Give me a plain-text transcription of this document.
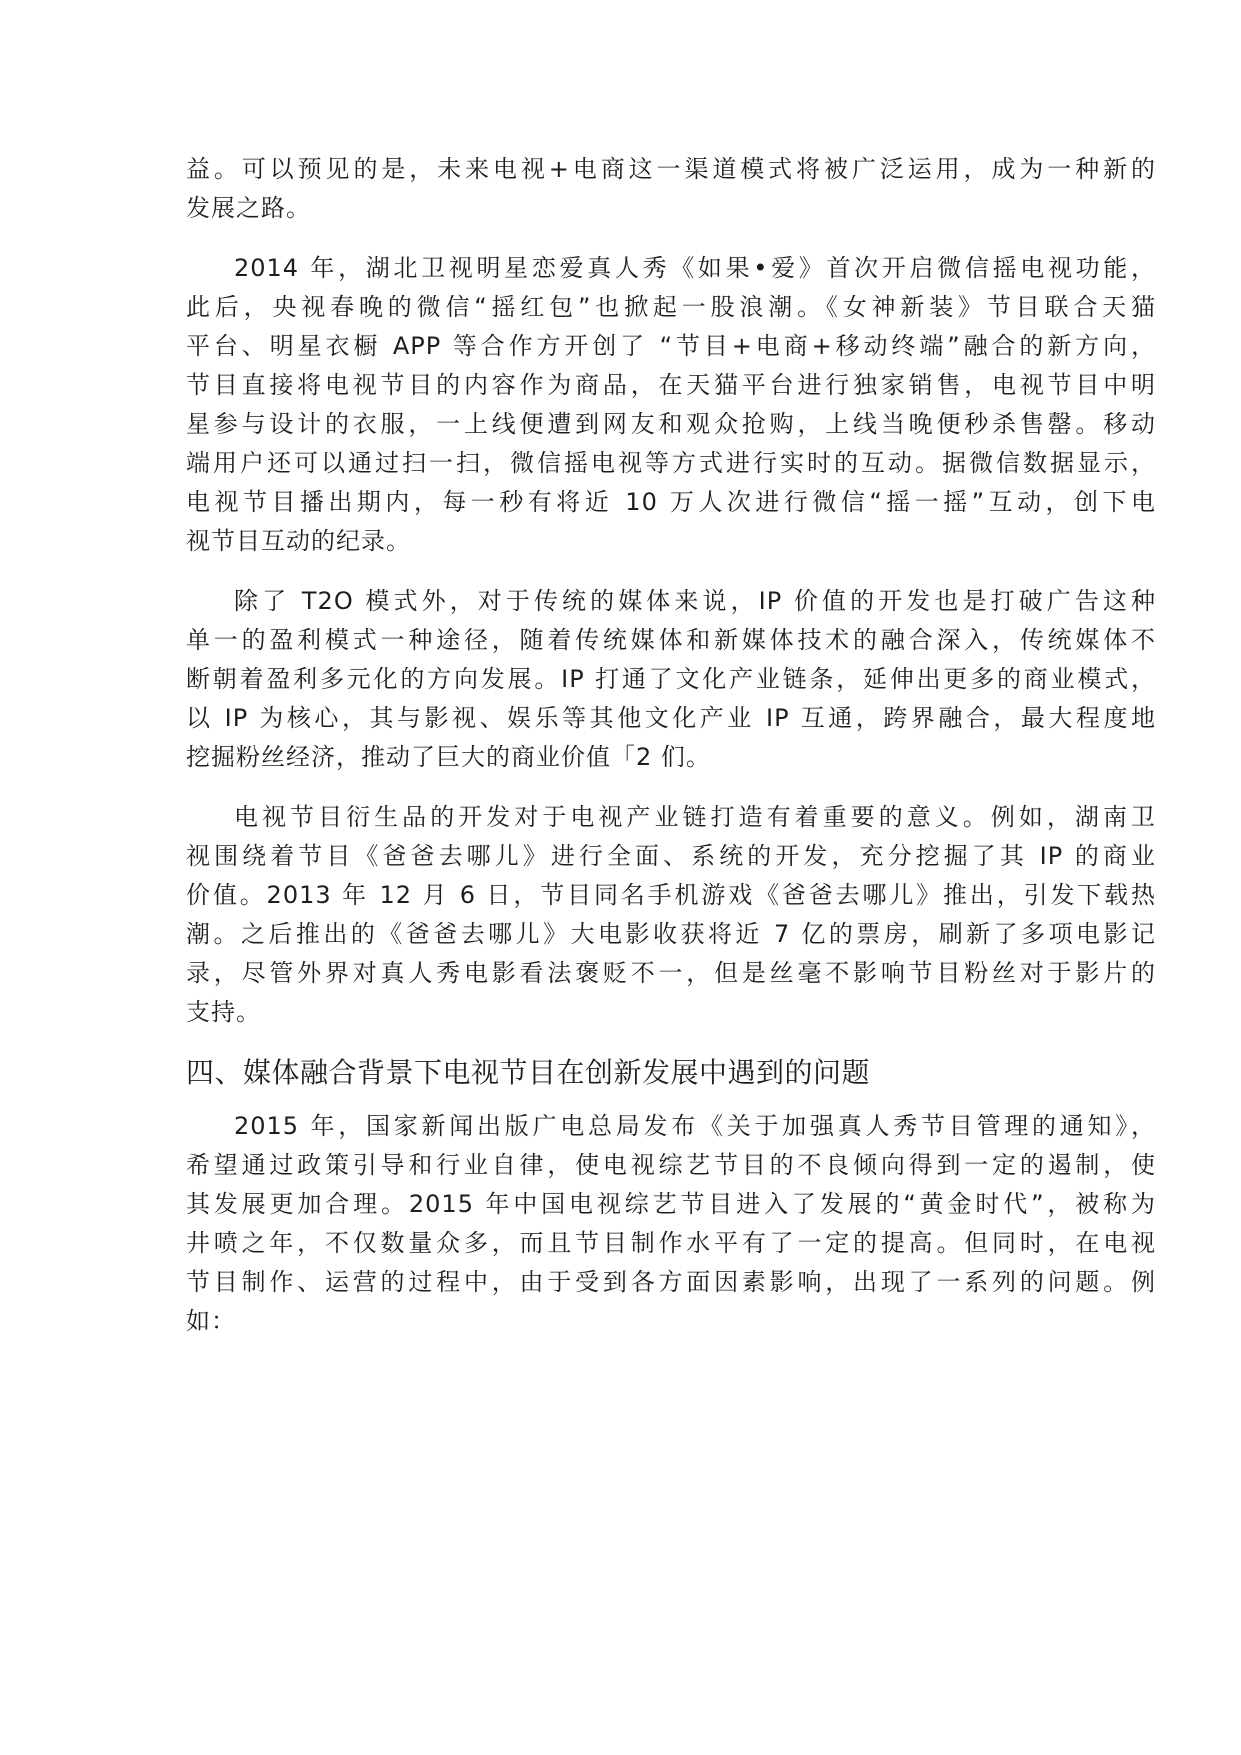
益。可以预见的是，未来电视+电商这一渠道模式将被广泛运用，成为一种新的
发展之路。
2014 年，湖北卫视明星恋爱真人秀《如果•爱》首次开启微信摇电视功能，
此后，央视春晚的微信“摇红包”也掀起一股浪潮。《女神新装》节目联合天猫
平台、明星衣橱 APP 等合作方开创了 “节目+电商+移动终端”融合的新方向，
节目直接将电视节目的内容作为商品，在天猫平台进行独家销售，电视节目中明
星参与设计的衣服，一上线便遭到网友和观众抢购，上线当晚便秒杀售罄。移动
端用户还可以通过扫一扫，微信摇电视等方式进行实时的互动。据微信数据显示，
电视节目播出期内，每一秒有将近 10 万人次进行微信“摇一摇”互动，创下电
视节目互动的纪录。
除了 T2O 模式外，对于传统的媒体来说，IP 价值的开发也是打破广告这种
单一的盈利模式一种途径，随着传统媒体和新媒体技术的融合深入，传统媒体不
断朝着盈利多元化的方向发展。IP 打通了文化产业链条，延伸出更多的商业模式，
以 IP 为核心，其与影视、娱乐等其他文化产业 IP 互通，跨界融合，最大程度地
挖掘粉丝经济，推动了巨大的商业价值「2 们。
电视节目衍生品的开发对于电视产业链打造有着重要的意义。例如，湖南卫
视围绕着节目《爸爸去哪儿》进行全面、系统的开发，充分挖掘了其 IP 的商业
价值。2013 年 12 月 6 日，节目同名手机游戏《爸爸去哪儿》推出，引发下载热
潮。之后推出的《爸爸去哪儿》大电影收获将近 7 亿的票房，刷新了多项电影记
录，尽管外界对真人秀电影看法褒贬不一，但是丝毫不影响节目粉丝对于影片的
支持。
四、媒体融合背景下电视节目在创新发展中遇到的问题
2015 年，国家新闻出版广电总局发布《关于加强真人秀节目管理的通知》，
希望通过政策引导和行业自律，使电视综艺节目的不良倾向得到一定的遏制，使
其发展更加合理。2015 年中国电视综艺节目进入了发展的“黄金时代”，被称为
井喷之年，不仅数量众多，而且节目制作水平有了一定的提高。但同时，在电视
节目制作、运营的过程中，由于受到各方面因素影响，出现了一系列的问题。例
如：
